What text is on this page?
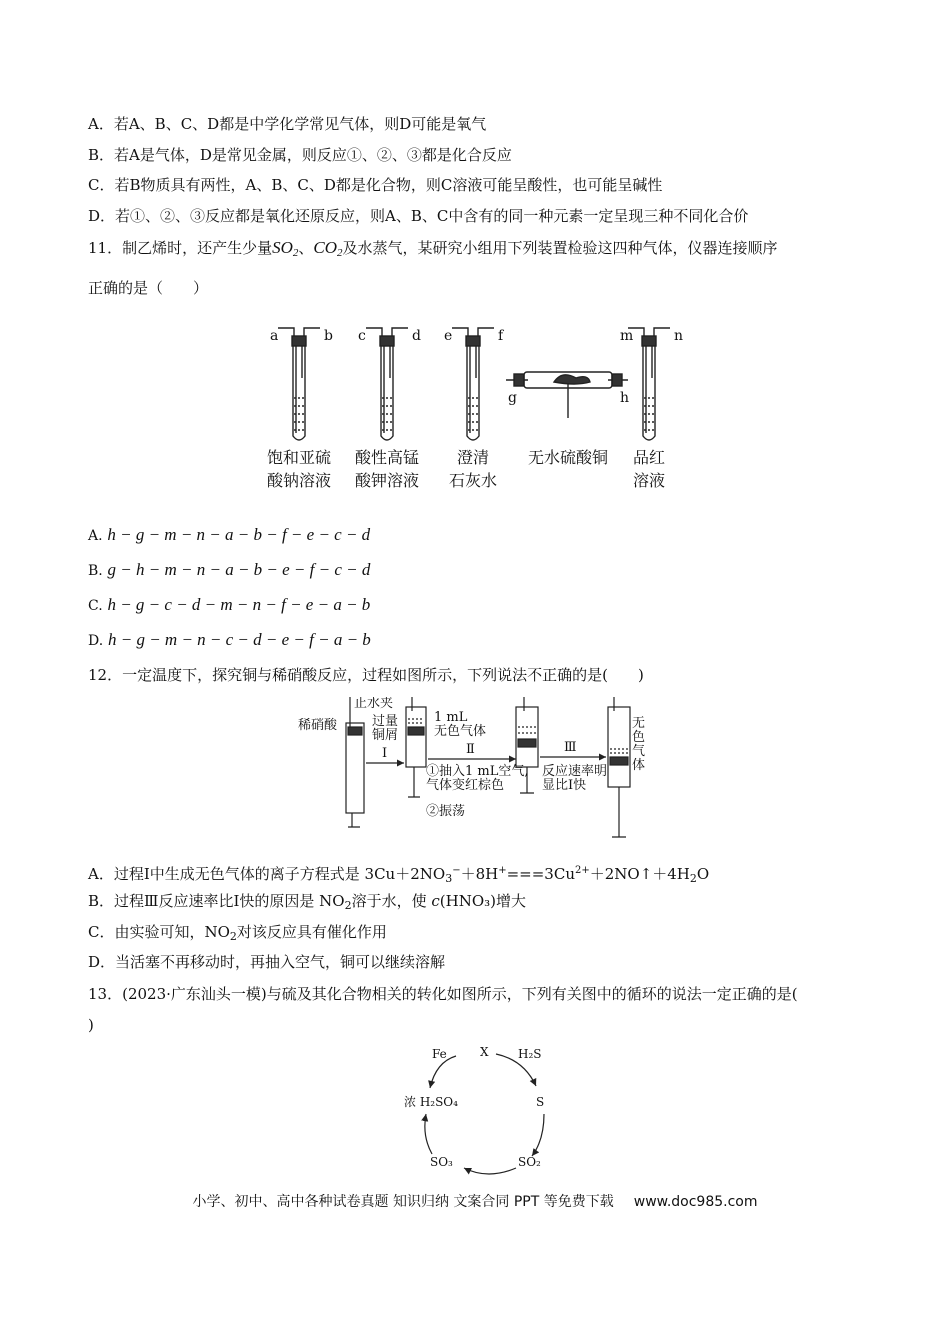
A．若A、B、C、D都是中学化学常见气体，则D可能是氧气
B．若A是气体，D是常见金属，则反应①、②、③都是化合反应
C．若B物质具有两性，A、B、C、D都是化合物，则C溶液可能呈酸性，也可能呈碱性
D．若①、②、③反应都是氧化还原反应，则A、B、C中含有的同一种元素一定呈现三种不同化合价
11．制乙烯时，还产生少量$SO_2$、$CO_2$及水蒸气，某研究小组用下列装置检验这四种气体，仪器连接顺序
正确的是（　　）
a	b c	d e	f
g	h
m	n
饱和亚硫
酸钠溶液
酸性高锰
酸钾溶液
澄清
石灰水
无水硫酸铜 品红
溶液
A. h − g − m − n − a − b − f − e − c − d
B. g − h − m − n − a − b − e − f − c − d
C. h − g − c − d − m − n − f − e − a − b
D. h − g − m − n − c − d − e − f − a − b
12．一定温度下，探究铜与稀硝酸反应，过程如图所示，下列说法不正确的是(　　)
止水夹
稀硝酸	过量
铜屑
1 mL
无色气体
Ⅰ	Ⅱ	Ⅲ
①抽入1 mL空气,
气体变红棕色
②振荡
反应速率明
显比Ⅰ快
无
色
气
体
A．过程Ⅰ中生成无色气体的离子方程式是 $3Cu+2NO_3^-+8H^+===3Cu^{2+}+2NO↑+4H_2O$
B．过程Ⅲ反应速率比Ⅰ快的原因是 $NO_2$溶于水，使 c(HNO₃)增大
C．由实验可知，$NO_2$对该反应具有催化作用
D．当活塞不再移动时，再抽入空气，铜可以继续溶解
13．(2023·广东汕头一模)与硫及其化合物相关的转化如图所示，下列有关图中的循环的说法一定正确的是(
)
Fe	X H₂S
S
SO₂
SO₃
浓 H₂SO₄
小学、初中、高中各种试卷真题 知识归纳 文案合同 PPT 等免费下载 www.doc985.com
